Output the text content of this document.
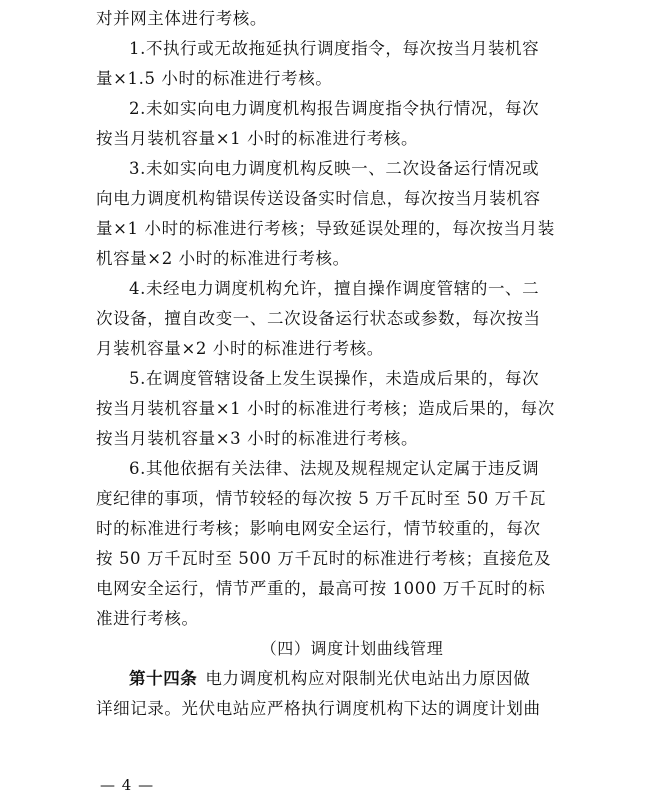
对并网主体进行考核。
1.不执行或无故拖延执行调度指令，每次按当月装机容
量×1.5 小时的标准进行考核。
2.未如实向电力调度机构报告调度指令执行情况，每次
按当月装机容量×1 小时的标准进行考核。
3.未如实向电力调度机构反映一、二次设备运行情况或
向电力调度机构错误传送设备实时信息，每次按当月装机容
量×1 小时的标准进行考核；导致延误处理的，每次按当月装
机容量×2 小时的标准进行考核。
4.未经电力调度机构允许，擅自操作调度管辖的一、二
次设备，擅自改变一、二次设备运行状态或参数，每次按当
月装机容量×2 小时的标准进行考核。
5.在调度管辖设备上发生误操作，未造成后果的，每次
按当月装机容量×1 小时的标准进行考核；造成后果的，每次
按当月装机容量×3 小时的标准进行考核。
6.其他依据有关法律、法规及规程规定认定属于违反调
度纪律的事项，情节较轻的每次按 5 万千瓦时至 50 万千瓦
时的标准进行考核；影响电网安全运行，情节较重的，每次
按 50 万千瓦时至 500 万千瓦时的标准进行考核；直接危及
电网安全运行，情节严重的，最高可按 1000 万千瓦时的标
准进行考核。
（四）调度计划曲线管理
第十四条 电力调度机构应对限制光伏电站出力原因做
详细记录。光伏电站应严格执行调度机构下达的调度计划曲
— 4 —
